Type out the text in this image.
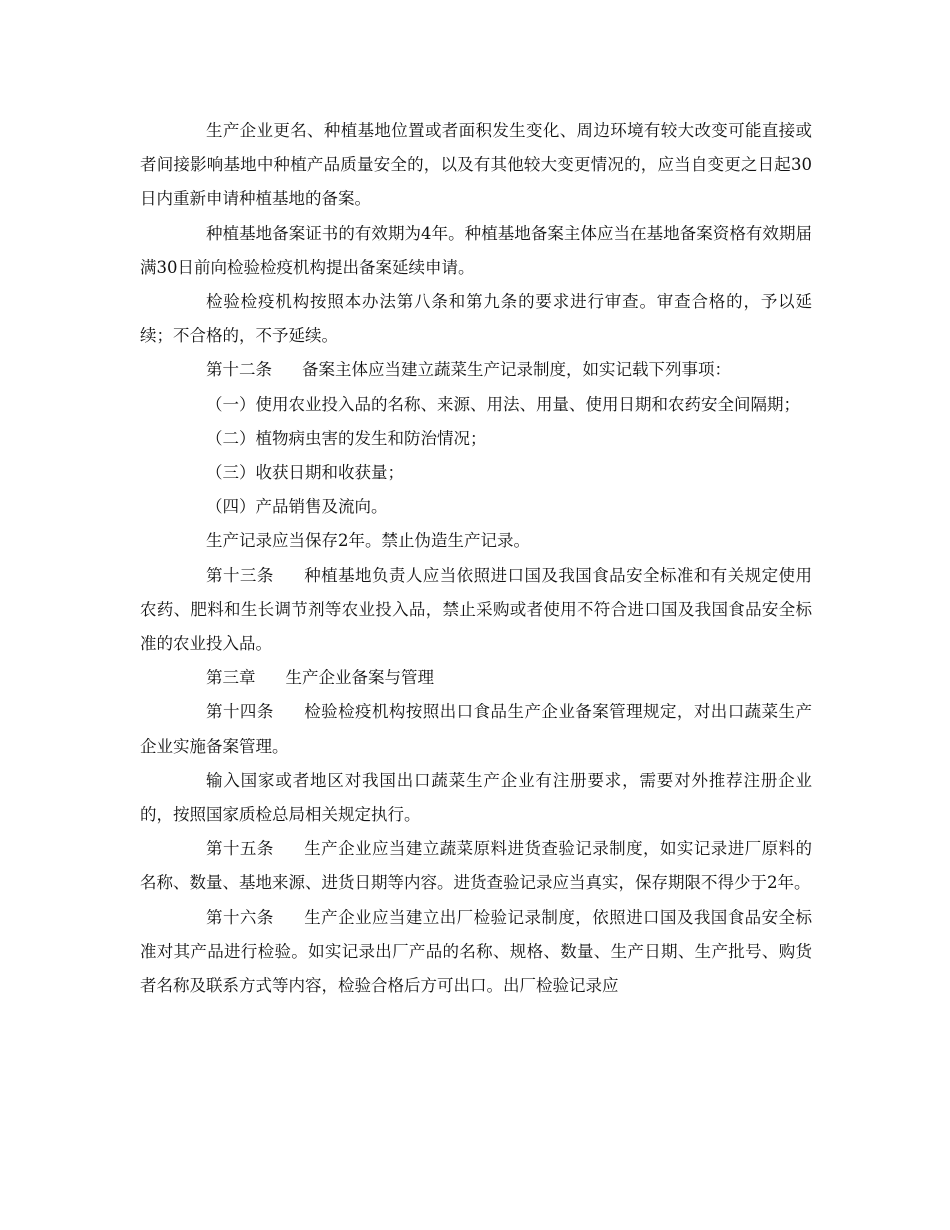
生产企业更名、种植基地位置或者面积发生变化、周边环境有较大改变可能直接或者间接影响基地中种植产品质量安全的，以及有其他较大变更情况的，应当自变更之日起30日内重新申请种植基地的备案。

种植基地备案证书的有效期为4年。种植基地备案主体应当在基地备案资格有效期届满30日前向检验检疫机构提出备案延续申请。

检验检疫机构按照本办法第八条和第九条的要求进行审查。审查合格的，予以延续；不合格的，不予延续。

第十二条 备案主体应当建立蔬菜生产记录制度，如实记载下列事项：

（一）使用农业投入品的名称、来源、用法、用量、使用日期和农药安全间隔期；

（二）植物病虫害的发生和防治情况；

（三）收获日期和收获量；

（四）产品销售及流向。

生产记录应当保存2年。禁止伪造生产记录。

第十三条 种植基地负责人应当依照进口国及我国食品安全标准和有关规定使用农药、肥料和生长调节剂等农业投入品，禁止采购或者使用不符合进口国及我国食品安全标准的农业投入品。

第三章 生产企业备案与管理

第十四条 检验检疫机构按照出口食品生产企业备案管理规定，对出口蔬菜生产企业实施备案管理。

输入国家或者地区对我国出口蔬菜生产企业有注册要求，需要对外推荐注册企业的，按照国家质检总局相关规定执行。

第十五条 生产企业应当建立蔬菜原料进货查验记录制度，如实记录进厂原料的名称、数量、基地来源、进货日期等内容。进货查验记录应当真实，保存期限不得少于2年。

第十六条 生产企业应当建立出厂检验记录制度，依照进口国及我国食品安全标准对其产品进行检验。如实记录出厂产品的名称、规格、数量、生产日期、生产批号、购货者名称及联系方式等内容，检验合格后方可出口。出厂检验记录应
